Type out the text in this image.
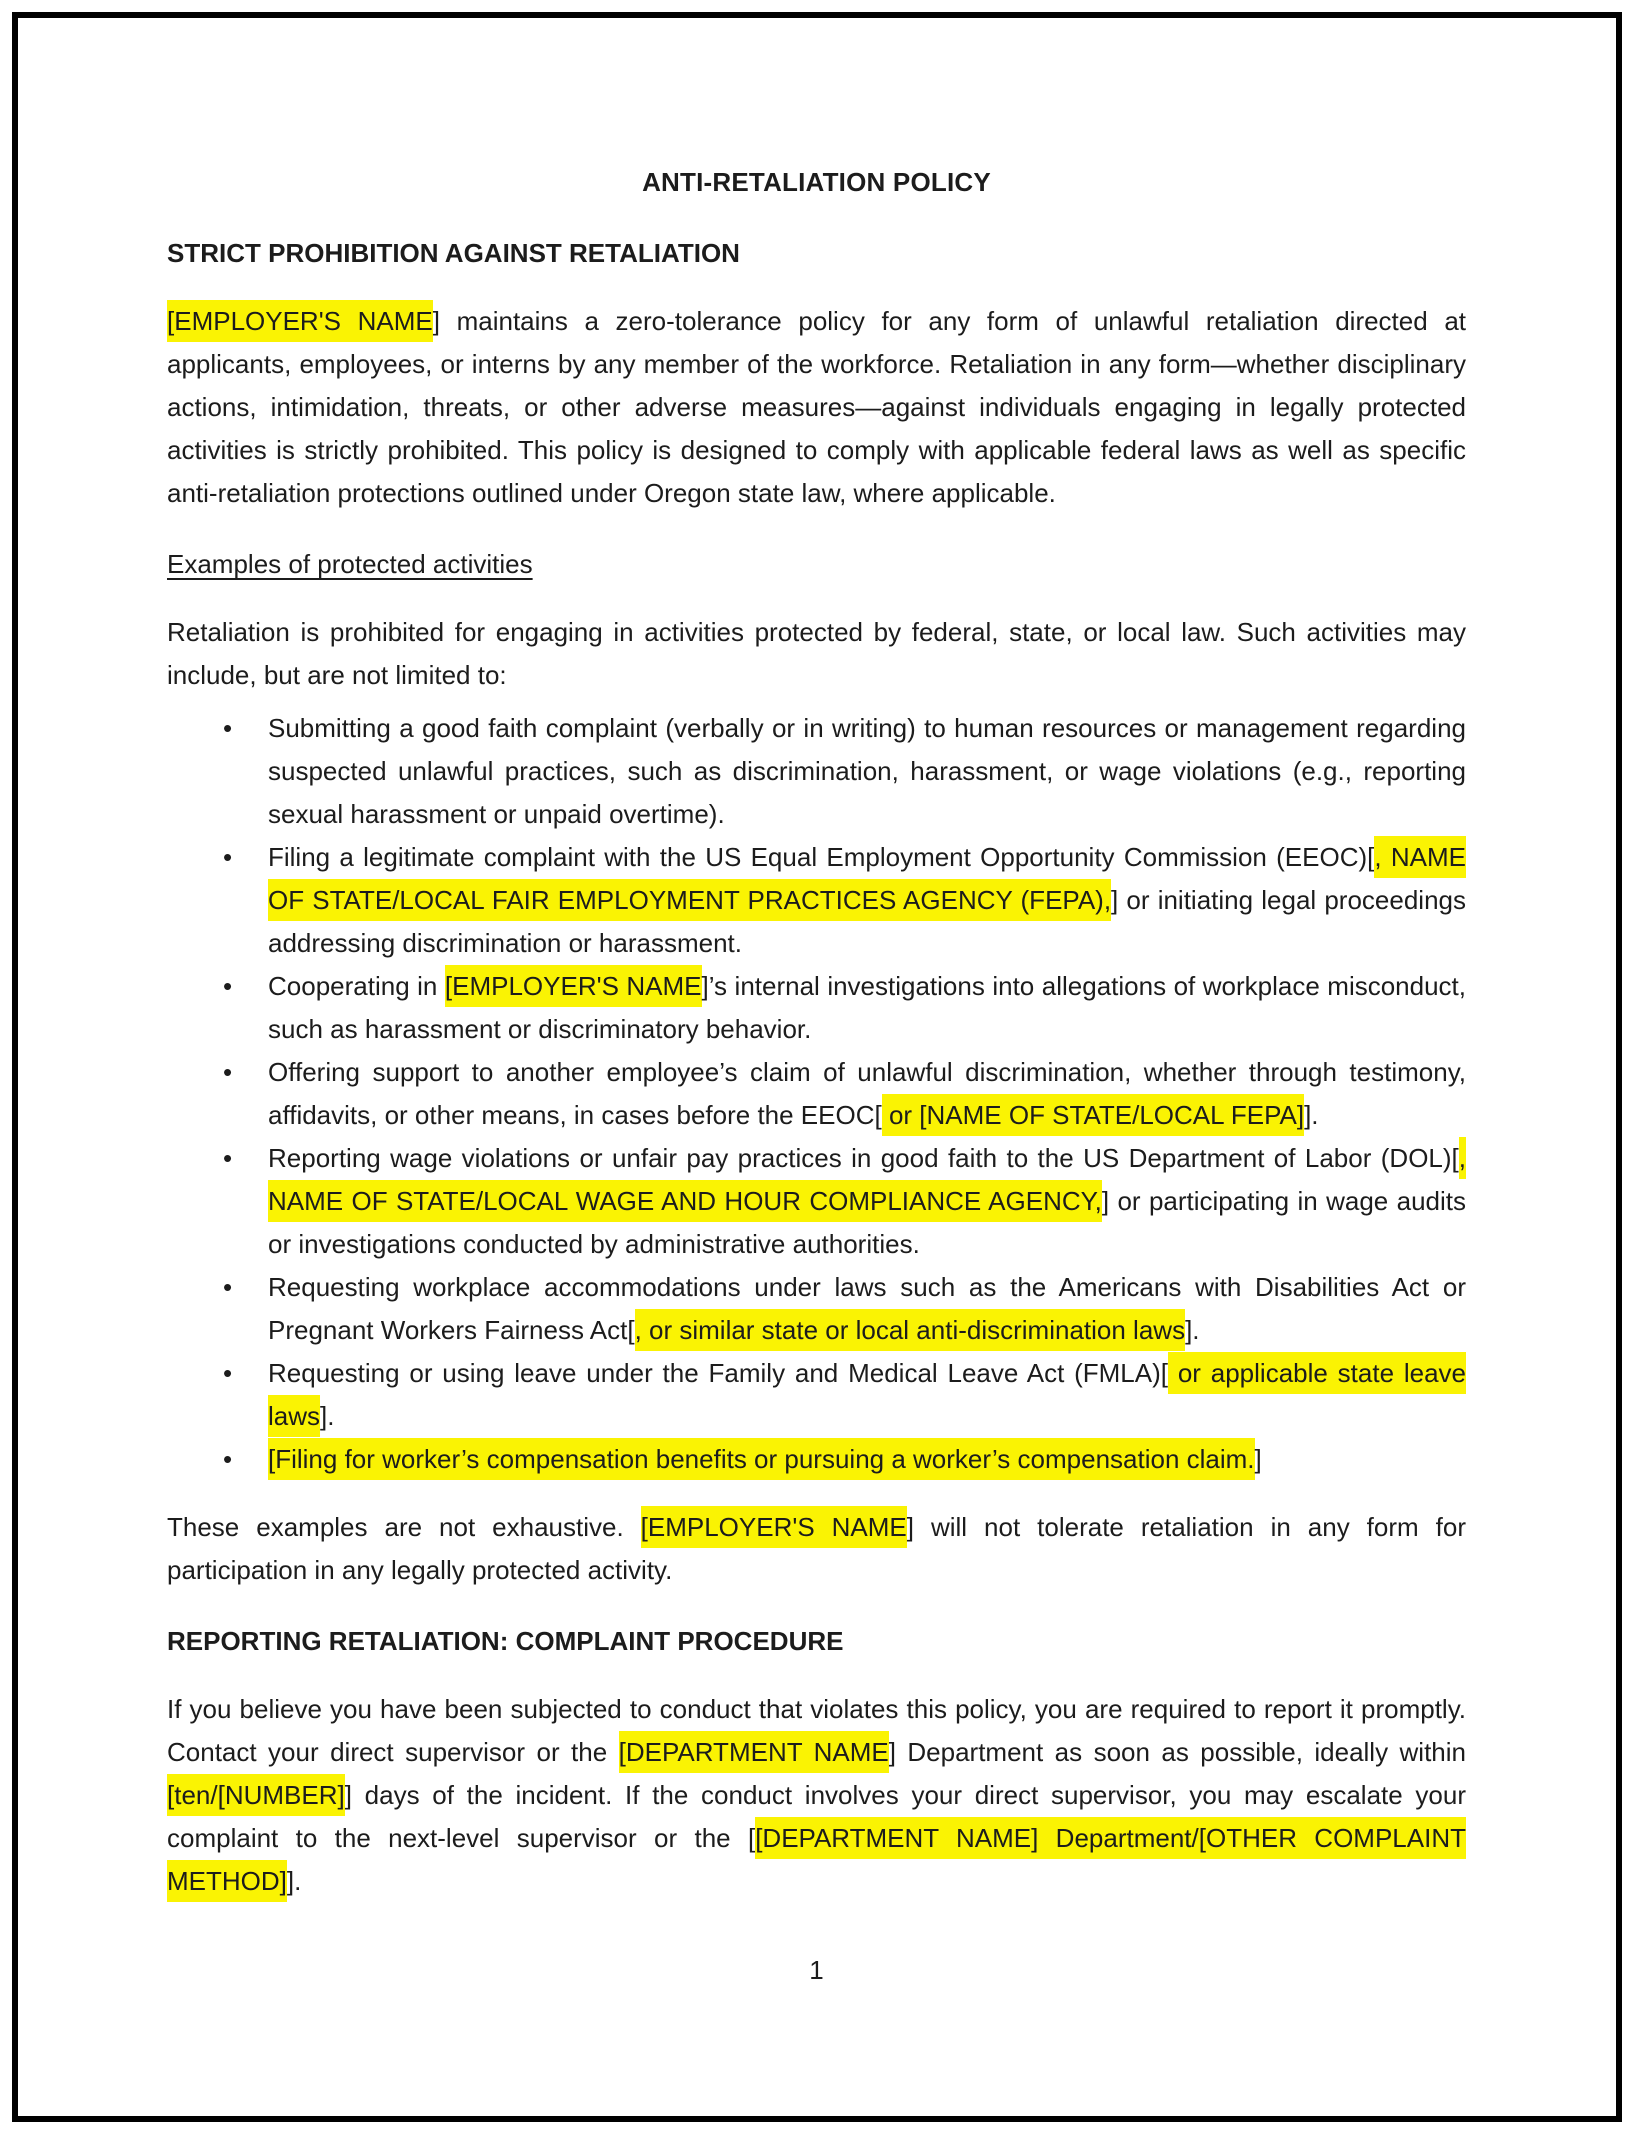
ANTI-RETALIATION POLICY
STRICT PROHIBITION AGAINST RETALIATION

[EMPLOYER'S NAME] maintains a zero-tolerance policy for any form of unlawful retaliation directed at applicants, employees, or interns by any member of the workforce. Retaliation in any form—whether disciplinary actions, intimidation, threats, or other adverse measures—against individuals engaging in legally protected activities is strictly prohibited. This policy is designed to comply with applicable federal laws as well as specific anti-retaliation protections outlined under Oregon state law, where applicable.

Examples of protected activities

Retaliation is prohibited for engaging in activities protected by federal, state, or local law. Such activities may include, but are not limited to:

• Submitting a good faith complaint (verbally or in writing) to human resources or management regarding suspected unlawful practices, such as discrimination, harassment, or wage violations (e.g., reporting sexual harassment or unpaid overtime).
• Filing a legitimate complaint with the US Equal Employment Opportunity Commission (EEOC)[, NAME OF STATE/LOCAL FAIR EMPLOYMENT PRACTICES AGENCY (FEPA),] or initiating legal proceedings addressing discrimination or harassment.
• Cooperating in [EMPLOYER'S NAME]’s internal investigations into allegations of workplace misconduct, such as harassment or discriminatory behavior.
• Offering support to another employee’s claim of unlawful discrimination, whether through testimony, affidavits, or other means, in cases before the EEOC[ or [NAME OF STATE/LOCAL FEPA]].
• Reporting wage violations or unfair pay practices in good faith to the US Department of Labor (DOL)[, NAME OF STATE/LOCAL WAGE AND HOUR COMPLIANCE AGENCY,] or participating in wage audits or investigations conducted by administrative authorities.
• Requesting workplace accommodations under laws such as the Americans with Disabilities Act or Pregnant Workers Fairness Act[, or similar state or local anti-discrimination laws].
• Requesting or using leave under the Family and Medical Leave Act (FMLA)[ or applicable state leave laws].
• [Filing for worker’s compensation benefits or pursuing a worker’s compensation claim.]

These examples are not exhaustive. [EMPLOYER'S NAME] will not tolerate retaliation in any form for participation in any legally protected activity.

REPORTING RETALIATION: COMPLAINT PROCEDURE

If you believe you have been subjected to conduct that violates this policy, you are required to report it promptly. Contact your direct supervisor or the [DEPARTMENT NAME] Department as soon as possible, ideally within [ten/[NUMBER]] days of the incident. If the conduct involves your direct supervisor, you may escalate your complaint to the next-level supervisor or the [[DEPARTMENT NAME] Department/[OTHER COMPLAINT METHOD]].

1
